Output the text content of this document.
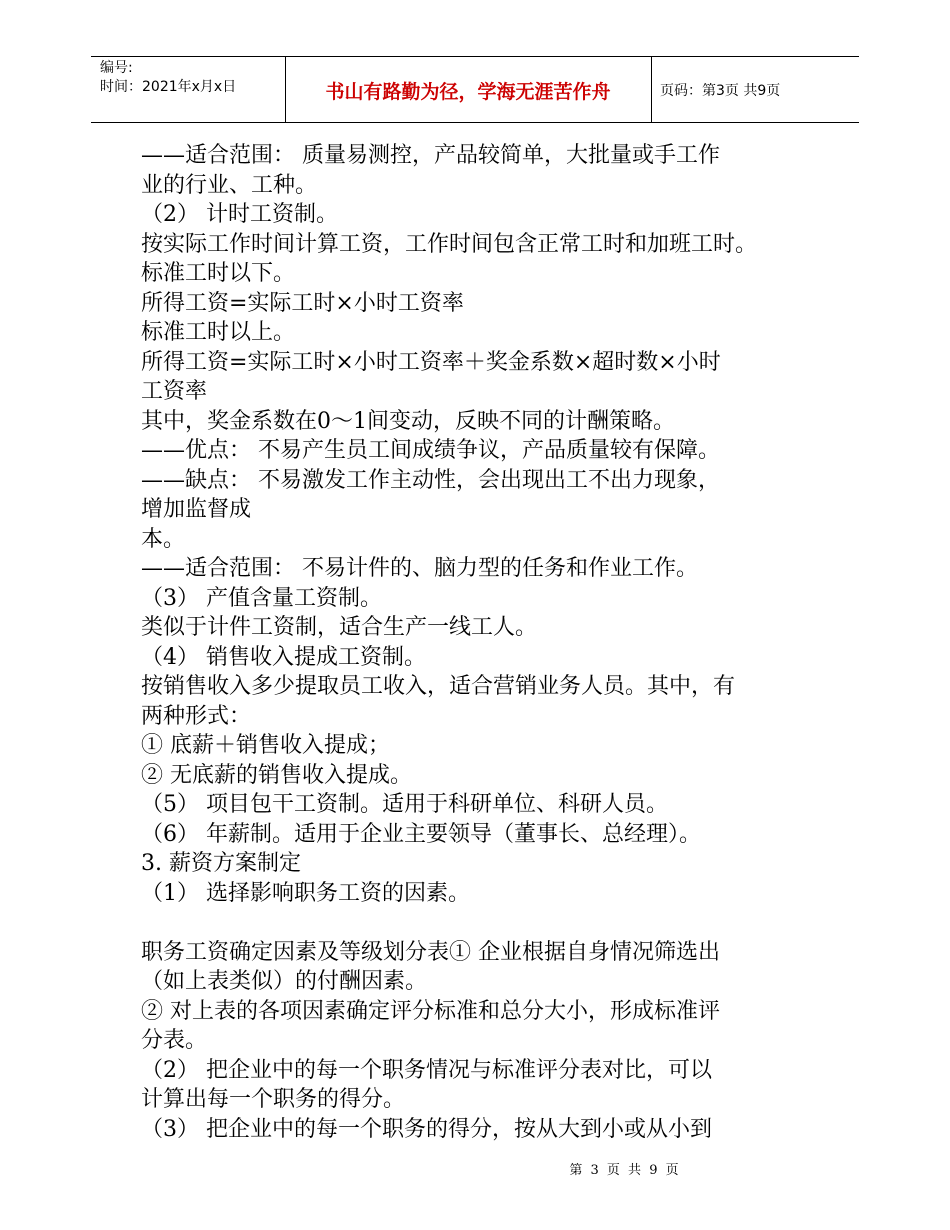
编号:
时间：2021年x月x日	书山有路勤为径，学海无涯苦作舟	页码：第3页 共9页
——适合范围： 质量易测控，产品较简单，大批量或手工作
业的行业、工种。
（2） 计时工资制。
按实际工作时间计算工资，工作时间包含正常工时和加班工时。
标准工时以下。
所得工资=实际工时×小时工资率
标准工时以上。
所得工资=实际工时×小时工资率＋奖金系数×超时数×小时
工资率
其中，奖金系数在0～1间变动，反映不同的计酬策略。
——优点： 不易产生员工间成绩争议，产品质量较有保障。
——缺点： 不易激发工作主动性，会出现出工不出力现象，
增加监督成
本。
——适合范围： 不易计件的、脑力型的任务和作业工作。
（3） 产值含量工资制。
类似于计件工资制，适合生产一线工人。
（4） 销售收入提成工资制。
按销售收入多少提取员工收入，适合营销业务人员。其中，有
两种形式：
① 底薪＋销售收入提成；
② 无底薪的销售收入提成。
（5） 项目包干工资制。适用于科研单位、科研人员。
（6） 年薪制。适用于企业主要领导（董事长、总经理）。
3. 薪资方案制定
（1） 选择影响职务工资的因素。
职务工资确定因素及等级划分表① 企业根据自身情况筛选出
（如上表类似）的付酬因素。
② 对上表的各项因素确定评分标准和总分大小，形成标准评
分表。
（2） 把企业中的每一个职务情况与标准评分表对比，可以
计算出每一个职务的得分。
（3） 把企业中的每一个职务的得分，按从大到小或从小到
第 3 页 共 9 页
